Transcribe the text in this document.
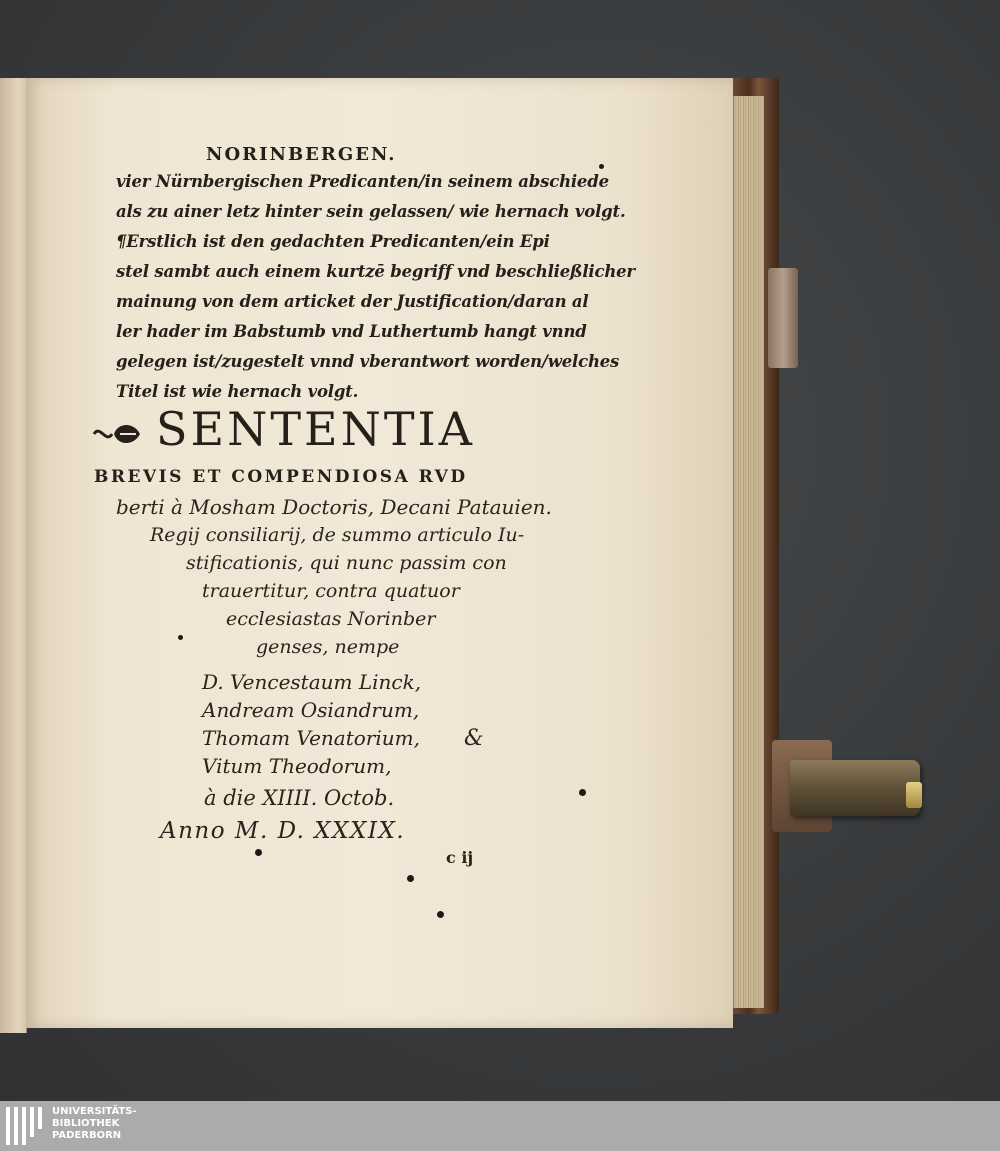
NORINBERGEN.

vier Nürnbergischen Predicanten/in seinem abschiede

als zu ainer letz hinter sein gelassen/ wie hernach volgt.

¶Erstlich ist den gedachten Predicanten/ein Epi

stel sambt auch einem kurtzē begriff vnd beschließlicher

mainung von dem articket der Justification/daran al

ler hader im Babstumb vnd Luthertumb hangt vnnd

gelegen ist/zugestelt vnnd vberantwort worden/welches

Titel ist wie hernach volgt.

SENTENTIA

BREVIS ET COMPENDIOSA RVD

berti à Mosham Doctoris, Decani Patauien.

Regij consiliarij, de summo articulo Iu-

stificationis, qui nunc passim con

trauertitur, contra quatuor

ecclesiastas Norinber

genses, nempe

D. Vencestaum Linck,

Andream Osiandrum,

Thomam Venatorium,

Vitum Theodorum,

&

à die XIIII. Octob.

Anno M. D. XXXIX.

c ij

UNIVERSITÄTS-
BIBLIOTHEK
PADERBORN
